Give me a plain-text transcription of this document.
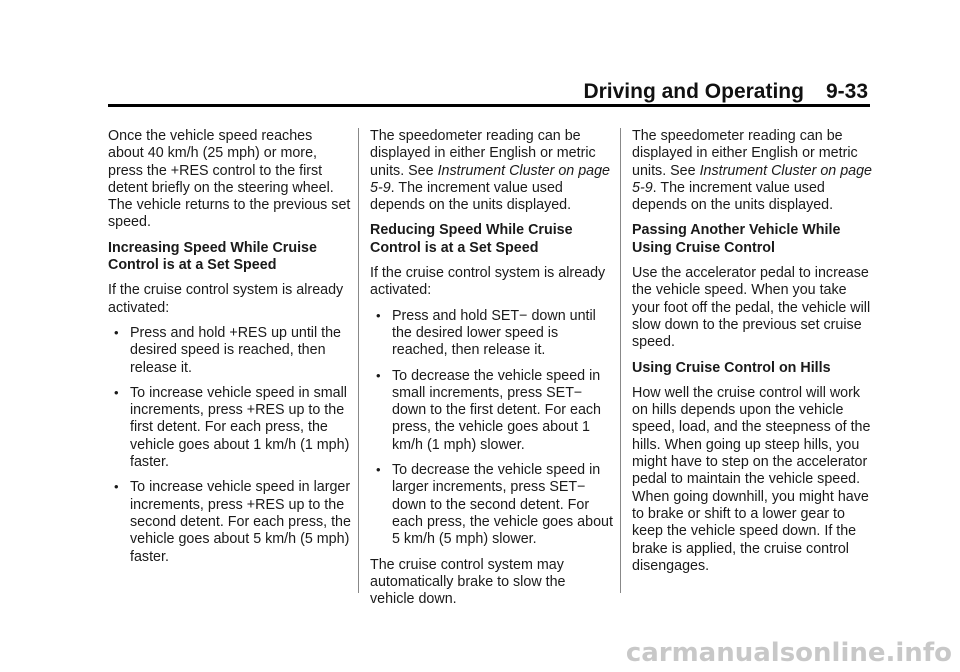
Driving and Operating 9-33

Once the vehicle speed reaches about 40 km/h (25 mph) or more, press the +RES control to the first detent briefly on the steering wheel. The vehicle returns to the previous set speed.

Increasing Speed While Cruise Control is at a Set Speed

If the cruise control system is already activated:

• Press and hold +RES up until the desired speed is reached, then release it.
• To increase vehicle speed in small increments, press +RES up to the first detent. For each press, the vehicle goes about 1 km/h (1 mph) faster.
• To increase vehicle speed in larger increments, press +RES up to the second detent. For each press, the vehicle goes about 5 km/h (5 mph) faster.

The speedometer reading can be displayed in either English or metric units. See Instrument Cluster on page 5-9. The increment value used depends on the units displayed.

Reducing Speed While Cruise Control is at a Set Speed

If the cruise control system is already activated:

• Press and hold SET− down until the desired lower speed is reached, then release it.
• To decrease the vehicle speed in small increments, press SET− down to the first detent. For each press, the vehicle goes about 1 km/h (1 mph) slower.
• To decrease the vehicle speed in larger increments, press SET− down to the second detent. For each press, the vehicle goes about 5 km/h (5 mph) slower.

The cruise control system may automatically brake to slow the vehicle down.

The speedometer reading can be displayed in either English or metric units. See Instrument Cluster on page 5-9. The increment value used depends on the units displayed.

Passing Another Vehicle While Using Cruise Control

Use the accelerator pedal to increase the vehicle speed. When you take your foot off the pedal, the vehicle will slow down to the previous set cruise speed.

Using Cruise Control on Hills

How well the cruise control will work on hills depends upon the vehicle speed, load, and the steepness of the hills. When going up steep hills, you might have to step on the accelerator pedal to maintain the vehicle speed. When going downhill, you might have to brake or shift to a lower gear to keep the vehicle speed down. If the brake is applied, the cruise control disengages.

carmanualsonline.info
